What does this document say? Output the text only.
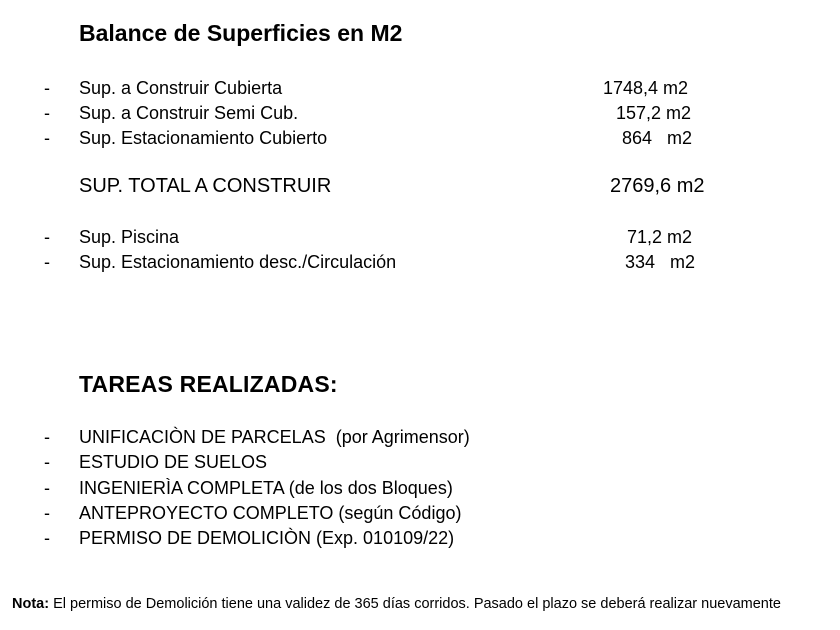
Balance de Superficies en M2
- Sup. a Construir Cubierta	1748,4 m2
- Sup. a Construir Semi Cub.	157,2 m2
- Sup. Estacionamiento Cubierto	864   m2
SUP. TOTAL A CONSTRUIR	2769,6 m2
- Sup. Piscina	71,2 m2
- Sup. Estacionamiento desc./Circulación	334   m2
TAREAS REALIZADAS:
- UNIFICACIÒN DE PARCELAS  (por Agrimensor)
- ESTUDIO DE SUELOS
- INGENIERÌA COMPLETA (de los dos Bloques)
- ANTEPROYECTO COMPLETO (según Código)
- PERMISO DE DEMOLICIÒN (Exp. 010109/22)
Nota: El permiso de Demolición tiene una validez de 365 días corridos. Pasado el plazo se deberá realizar nuevamente
